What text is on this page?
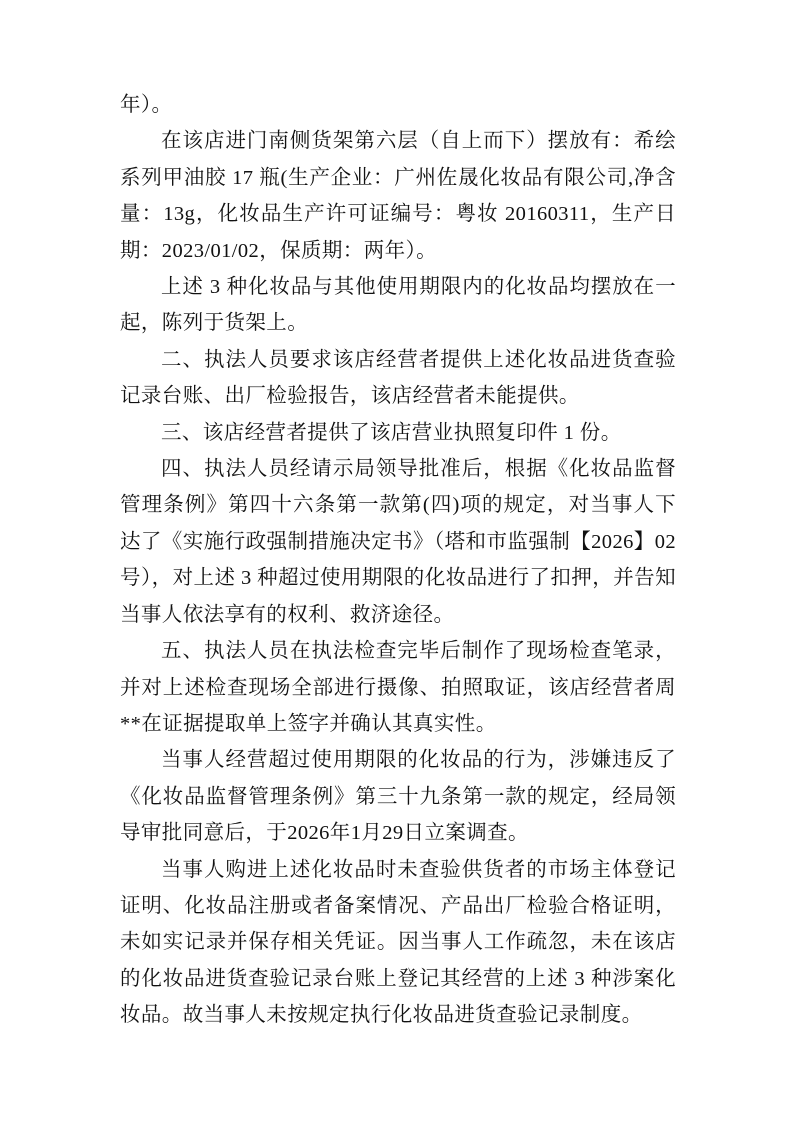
年）。

在该店进门南侧货架第六层（自上而下）摆放有：希绘系列甲油胶 17 瓶(生产企业：广州佐晟化妆品有限公司,净含量：13g，化妆品生产许可证编号：粤妆 20160311，生产日期：2023/01/02，保质期：两年）。

上述 3 种化妆品与其他使用期限内的化妆品均摆放在一起，陈列于货架上。

二、执法人员要求该店经营者提供上述化妆品进货查验记录台账、出厂检验报告，该店经营者未能提供。

三、该店经营者提供了该店营业执照复印件 1 份。

四、执法人员经请示局领导批准后，根据《化妆品监督管理条例》第四十六条第一款第(四)项的规定，对当事人下达了《实施行政强制措施决定书》（塔和市监强制【2026】02 号），对上述 3 种超过使用期限的化妆品进行了扣押，并告知当事人依法享有的权利、救济途径。

五、执法人员在执法检查完毕后制作了现场检查笔录，并对上述检查现场全部进行摄像、拍照取证，该店经营者周**在证据提取单上签字并确认其真实性。

当事人经营超过使用期限的化妆品的行为，涉嫌违反了《化妆品监督管理条例》第三十九条第一款的规定，经局领导审批同意后，于2026年1月29日立案调查。

当事人购进上述化妆品时未查验供货者的市场主体登记证明、化妆品注册或者备案情况、产品出厂检验合格证明，未如实记录并保存相关凭证。因当事人工作疏忽，未在该店的化妆品进货查验记录台账上登记其经营的上述 3 种涉案化妆品。故当事人未按规定执行化妆品进货查验记录制度。
